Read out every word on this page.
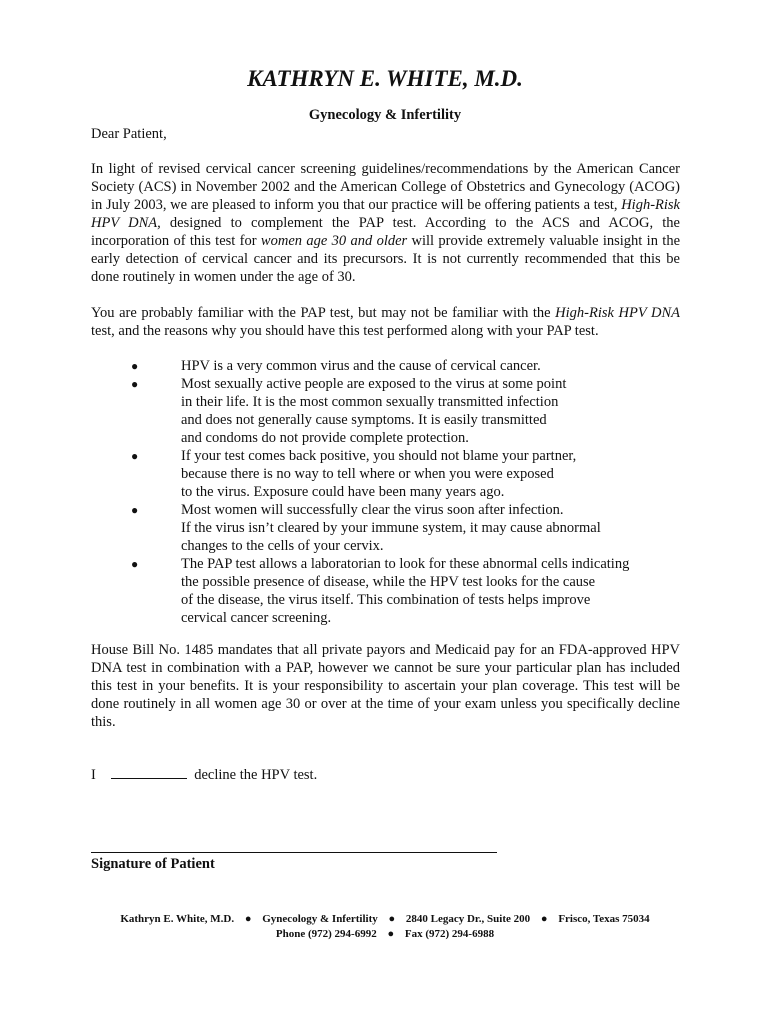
KATHRYN E. WHITE, M.D.
Gynecology & Infertility
Dear Patient,
In light of revised cervical cancer screening guidelines/recommendations by the American Cancer Society (ACS) in November 2002 and the American College of Obstetrics and Gynecology (ACOG) in July 2003, we are pleased to inform you that our practice will be offering patients a test, High-Risk HPV DNA, designed to complement the PAP test. According to the ACS and ACOG, the incorporation of this test for women age 30 and older will provide extremely valuable insight in the early detection of cervical cancer and its precursors. It is not currently recommended that this be done routinely in women under the age of 30.
You are probably familiar with the PAP test, but may not be familiar with the High-Risk HPV DNA test, and the reasons why you should have this test performed along with your PAP test.
●	HPV is a very common virus and the cause of cervical cancer.
●	Most sexually active people are exposed to the virus at some point
in their life. It is the most common sexually transmitted infection
and does not generally cause symptoms. It is easily transmitted
and condoms do not provide complete protection.
●	If your test comes back positive, you should not blame your partner,
because there is no way to tell where or when you were exposed
to the virus. Exposure could have been many years ago.
●	Most women will successfully clear the virus soon after infection.
If the virus isn’t cleared by your immune system, it may cause abnormal
changes to the cells of your cervix.
●	The PAP test allows a laboratorian to look for these abnormal cells indicating
the possible presence of disease, while the HPV test looks for the cause
of the disease, the virus itself. This combination of tests helps improve
cervical cancer screening.
House Bill No. 1485 mandates that all private payors and Medicaid pay for an FDA-approved HPV DNA test in combination with a PAP, however we cannot be sure your particular plan has included this test in your benefits. It is your responsibility to ascertain your plan coverage. This test will be done routinely in all women age 30 or over at the time of your exam unless you specifically decline this.
I	decline the HPV test.
Signature of Patient
Kathryn E. White, M.D. ● Gynecology & Infertility ● 2840 Legacy Dr., Suite 200 ● Frisco, Texas 75034
Phone (972) 294-6992 ● Fax (972) 294-6988
